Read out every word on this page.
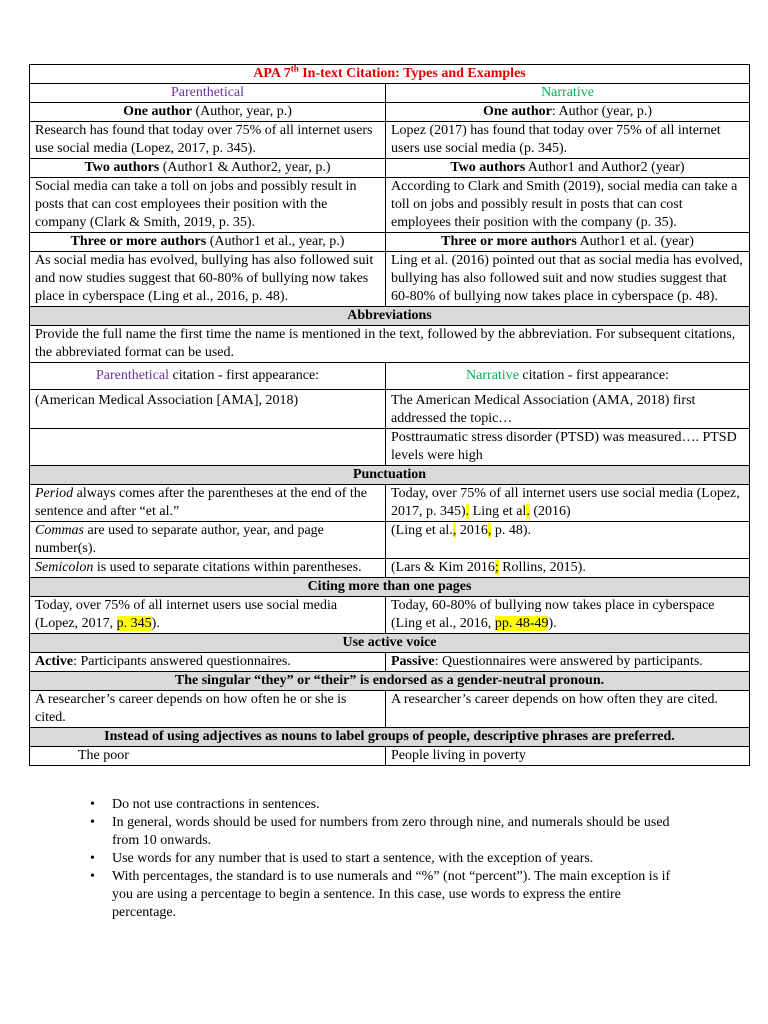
APA 7th In-text Citation: Types and Examples	
Parenthetical	Narrative
One author (Author, year, p.)	One author: Author (year, p.)
Research has found that today over 75% of all internet users use social media (Lopez, 2017, p. 345).	Lopez (2017) has found that today over 75% of all internet users use social media (p. 345).
Two authors (Author1 & Author2, year, p.)	Two authors Author1 and Author2 (year)
Social media can take a toll on jobs and possibly result in posts that can cost employees their position with the company (Clark & Smith, 2019, p. 35).	According to Clark and Smith (2019), social media can take a toll on jobs and possibly result in posts that can cost employees their position with the company (p. 35).
Three or more authors (Author1 et al., year, p.)	Three or more authors Author1 et al. (year)
As social media has evolved, bullying has also followed suit and now studies suggest that 60-80% of bullying now takes place in cyberspace (Ling et al., 2016, p. 48).	Ling et al. (2016) pointed out that as social media has evolved, bullying has also followed suit and now studies suggest that 60-80% of bullying now takes place in cyberspace (p. 48).
Abbreviations	
Provide the full name the first time the name is mentioned in the text, followed by the abbreviation. For subsequent citations, the abbreviated format can be used.	
Parenthetical citation - first appearance:	Narrative citation - first appearance:
(American Medical Association [AMA], 2018)	The American Medical Association (AMA, 2018) first addressed the topic…
	Posttraumatic stress disorder (PTSD) was measured…. PTSD levels were high
Punctuation	
Period always comes after the parentheses at the end of the sentence and after “et al.”	Today, over 75% of all internet users use social media (Lopez, 2017, p. 345). Ling et al. (2016)
Commas are used to separate author, year, and page number(s).	(Ling et al., 2016, p. 48).
Semicolon is used to separate citations within parentheses.	(Lars & Kim 2016; Rollins, 2015).
Citing more than one pages	
Today, over 75% of all internet users use social media (Lopez, 2017, p. 345).	Today, 60-80% of bullying now takes place in cyberspace (Ling et al., 2016, pp. 48-49).
Use active voice	
Active: Participants answered questionnaires.	Passive: Questionnaires were answered by participants.
The singular “they” or “their” is endorsed as a gender-neutral pronoun.	
A researcher’s career depends on how often he or she is cited.	A researcher’s career depends on how often they are cited.
Instead of using adjectives as nouns to label groups of people, descriptive phrases are preferred.	
The poor	People living in poverty
• Do not use contractions in sentences.
• In general, words should be used for numbers from zero through nine, and numerals should be used from 10 onwards.
• Use words for any number that is used to start a sentence, with the exception of years.
• With percentages, the standard is to use numerals and “%” (not “percent”). The main exception is if you are using a percentage to begin a sentence. In this case, use words to express the entire percentage.
